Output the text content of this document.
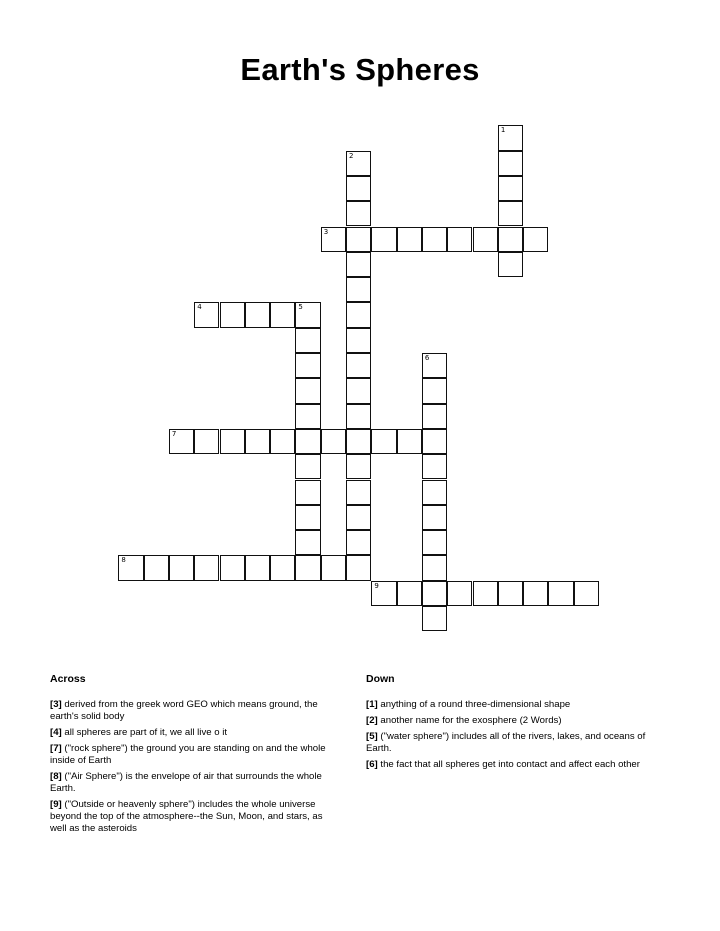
Earth's Spheres
1
2
3
4	5
6
7
8
9
Across
[3] derived from the greek word GEO which means ground, the earth's solid body
[4] all spheres are part of it, we all live o it
[7] ("rock sphere") the ground you are standing on and the whole inside of Earth
[8] ("Air Sphere") is the envelope of air that surrounds the whole Earth.
[9] ("Outside or heavenly sphere") includes the whole universe beyond the top of the atmosphere--the Sun, Moon, and stars, as well as the asteroids
Down
[1] anything of a round three-dimensional shape
[2] another name for the exosphere (2 Words)
[5] ("water sphere") includes all of the rivers, lakes, and oceans of Earth.
[6] the fact that all spheres get into contact and affect each other
